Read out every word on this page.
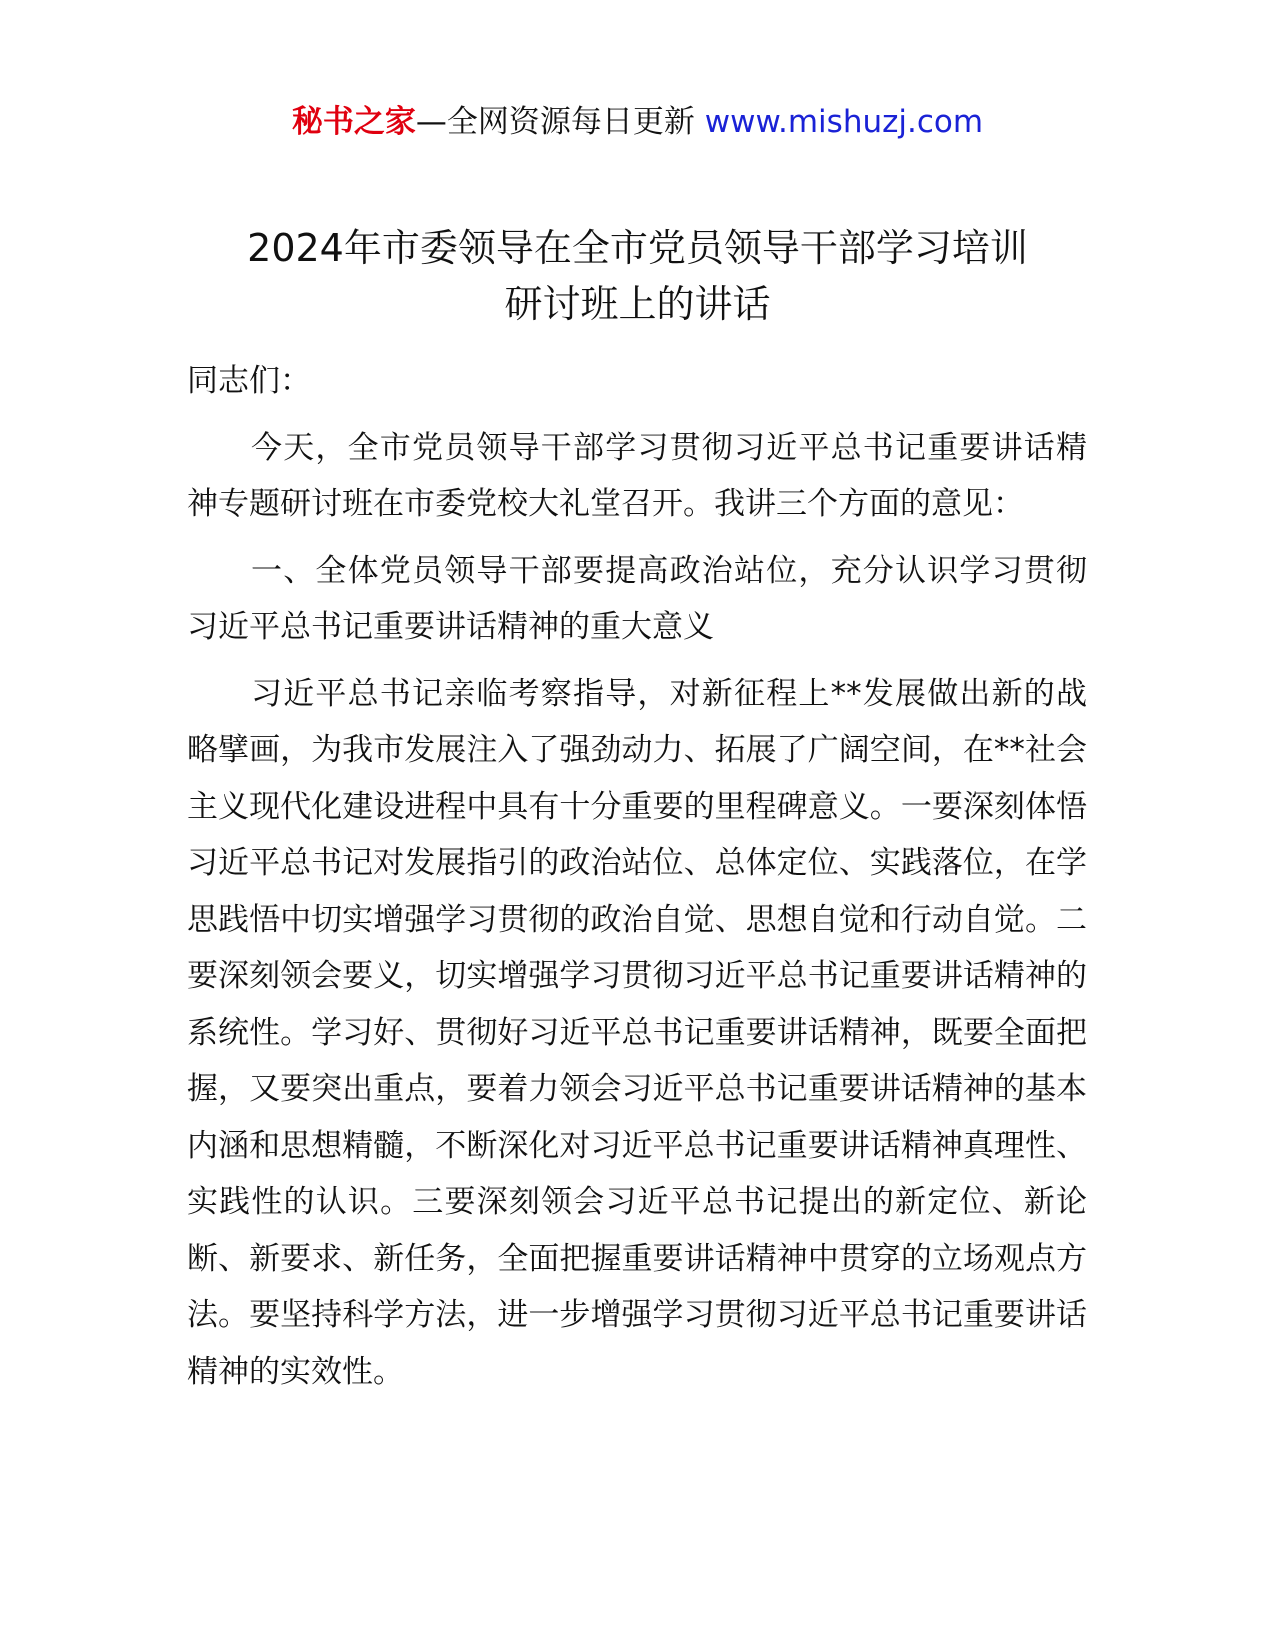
秘书之家—全网资源每日更新 www.mishuzj.com
2024年市委领导在全市党员领导干部学习培训
研讨班上的讲话

同志们：

今天，全市党员领导干部学习贯彻习近平总书记重要讲话精神专题研讨班在市委党校大礼堂召开。我讲三个方面的意见：

一、全体党员领导干部要提高政治站位，充分认识学习贯彻习近平总书记重要讲话精神的重大意义

习近平总书记亲临考察指导，对新征程上**发展做出新的战略擘画，为我市发展注入了强劲动力、拓展了广阔空间，在**社会主义现代化建设进程中具有十分重要的里程碑意义。一要深刻体悟习近平总书记对发展指引的政治站位、总体定位、实践落位，在学思践悟中切实增强学习贯彻的政治自觉、思想自觉和行动自觉。二要深刻领会要义，切实增强学习贯彻习近平总书记重要讲话精神的系统性。学习好、贯彻好习近平总书记重要讲话精神，既要全面把握，又要突出重点，要着力领会习近平总书记重要讲话精神的基本内涵和思想精髓，不断深化对习近平总书记重要讲话精神真理性、实践性的认识。三要深刻领会习近平总书记提出的新定位、新论断、新要求、新任务，全面把握重要讲话精神中贯穿的立场观点方法。要坚持科学方法，进一步增强学习贯彻习近平总书记重要讲话精神的实效性。
